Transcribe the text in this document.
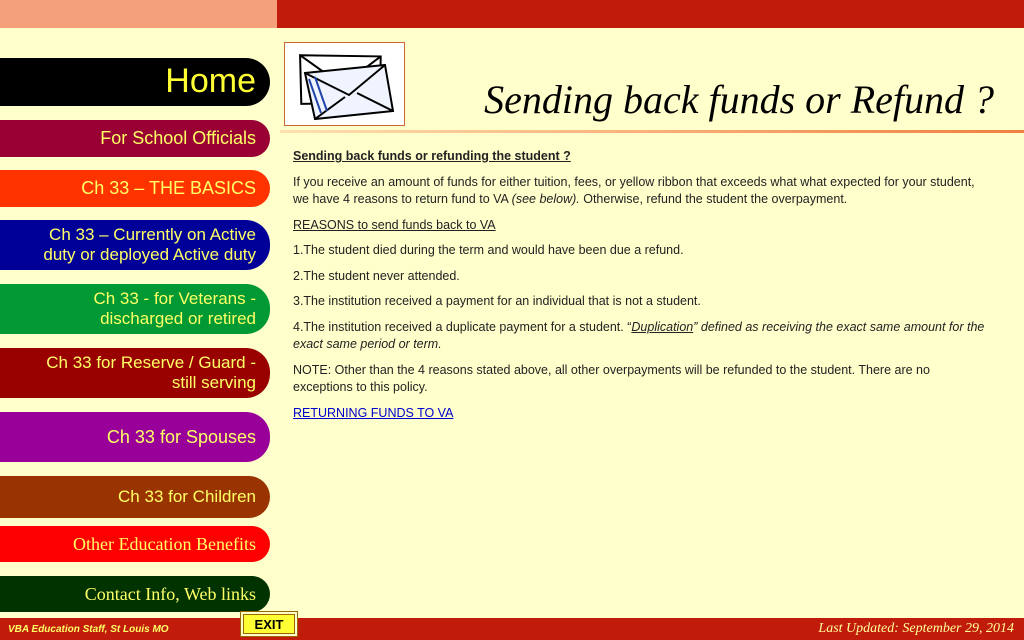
Home
For School Officials
Ch 33 – THE BASICS
Ch 33 – Currently on Active
duty or deployed Active duty
Ch 33 - for Veterans -
discharged or retired
Ch 33 for Reserve / Guard -
still serving
Ch 33 for Spouses
Ch 33 for Children
Other Education Benefits
Contact Info, Web links
Sending back funds or Refund ?

Sending back funds or refunding the student ?

If you receive an amount of funds for either tuition, fees, or yellow ribbon that exceeds what what expected for your student, we have 4 reasons to return fund to VA (see below). Otherwise, refund the student the overpayment.

REASONS to send funds back to VA

1.The student died during the term and would have been due a refund.

2.The student never attended.

3.The institution received a payment for an individual that is not a student.

4.The institution received a duplicate payment for a student. “Duplication” defined as receiving the exact same amount for the exact same period or term.

NOTE: Other than the 4 reasons stated above, all other overpayments will be refunded to the student. There are no exceptions to this policy.

RETURNING FUNDS TO VA

VBA Education Staff, St Louis MO	EXIT	Last Updated: September 29, 2014
